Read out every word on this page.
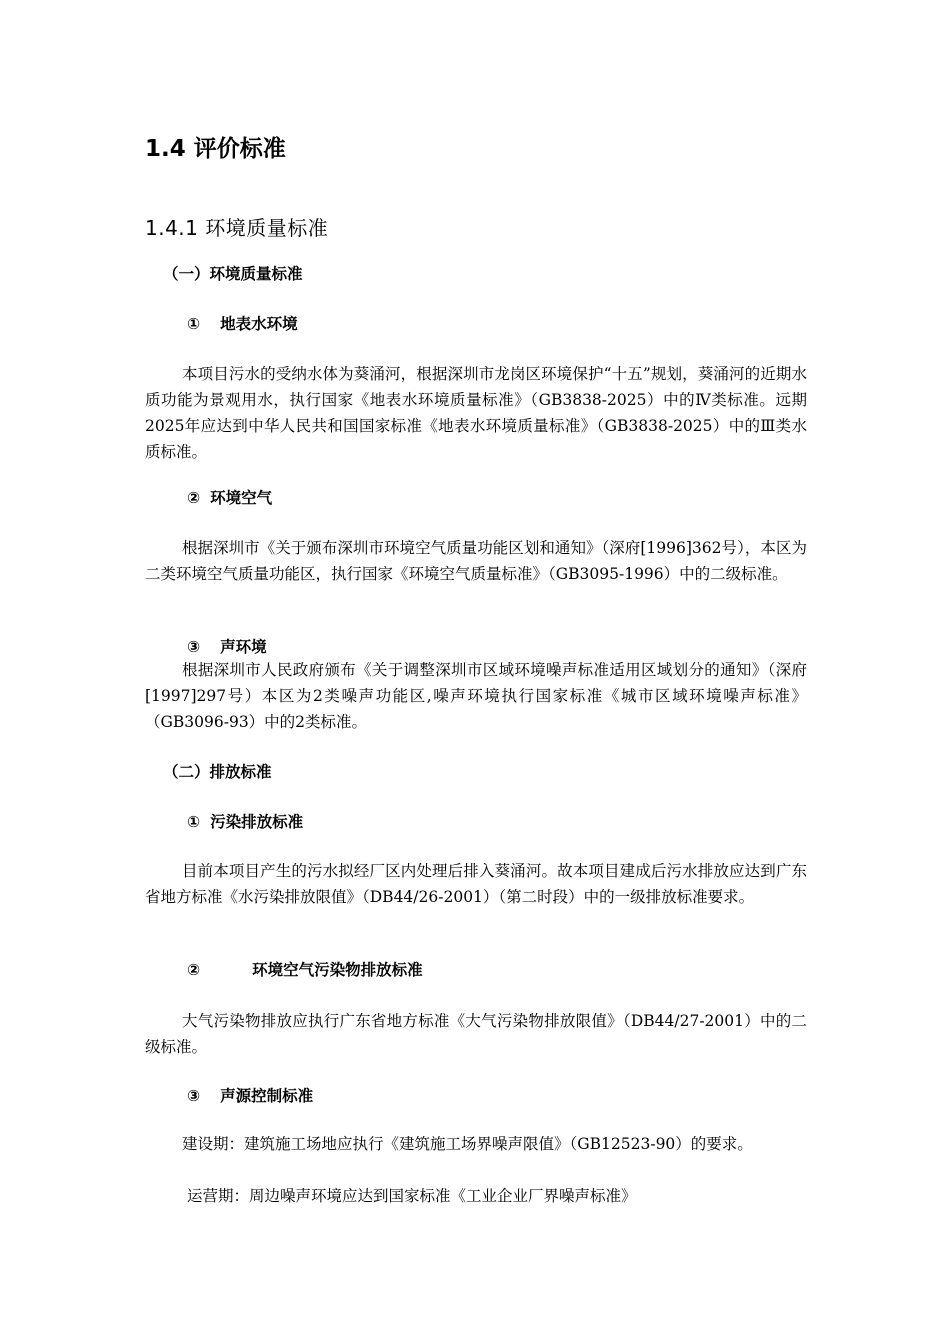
1.4 评价标准
1.4.1 环境质量标准
（一）环境质量标准
① 地表水环境

本项目污水的受纳水体为葵涌河，根据深圳市龙岗区环境保护“十五”规划，葵涌河的近期水质功能为景观用水，执行国家《地表水环境质量标准》（GB3838-2025）中的Ⅳ类标准。远期2025年应达到中华人民共和国国家标准《地表水环境质量标准》（GB3838-2025）中的Ⅲ类水质标准。

② 环境空气

根据深圳市《关于颁布深圳市环境空气质量功能区划和通知》（深府[1996]362号），本区为二类环境空气质量功能区，执行国家《环境空气质量标准》（GB3095-1996）中的二级标准。

③ 声环境

根据深圳市人民政府颁布《关于调整深圳市区域环境噪声标准适用区域划分的通知》（深府[1997]297号）本区为2类噪声功能区,噪声环境执行国家标准《城市区域环境噪声标准》（GB3096-93）中的2类标准。

（二）排放标准
① 污染排放标准

目前本项目产生的污水拟经厂区内处理后排入葵涌河。故本项目建成后污水排放应达到广东省地方标准《水污染排放限值》（DB44/26-2001）（第二时段）中的一级排放标准要求。

②	环境空气污染物排放标准

大气污染物排放应执行广东省地方标准《大气污染物排放限值》（DB44/27-2001）中的二级标准。

③ 声源控制标准

建设期：建筑施工场地应执行《建筑施工场界噪声限值》（GB12523-90）的要求。

运营期：周边噪声环境应达到国家标准《工业企业厂界噪声标准》
